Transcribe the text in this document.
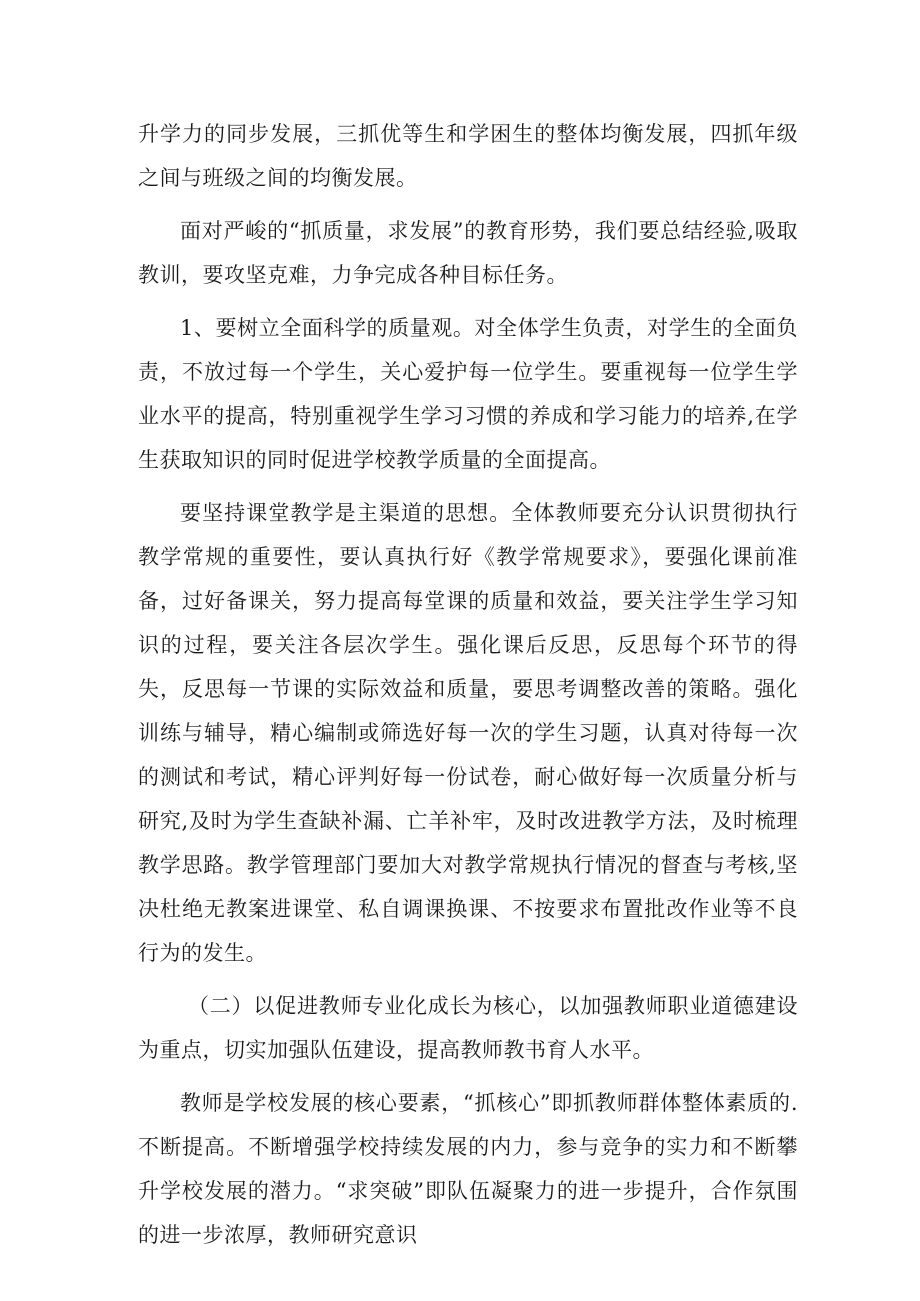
升学力的同步发展，三抓优等生和学困生的整体均衡发展，四抓年级之间与班级之间的均衡发展。

面对严峻的“抓质量，求发展”的教育形势，我们要总结经验,吸取教训，要攻坚克难，力争完成各种目标任务。

1、要树立全面科学的质量观。对全体学生负责，对学生的全面负责，不放过每一个学生，关心爱护每一位学生。要重视每一位学生学业水平的提高，特别重视学生学习习惯的养成和学习能力的培养,在学生获取知识的同时促进学校教学质量的全面提高。

要坚持课堂教学是主渠道的思想。全体教师要充分认识贯彻执行教学常规的重要性，要认真执行好《教学常规要求》，要强化课前准备，过好备课关，努力提高每堂课的质量和效益，要关注学生学习知识的过程，要关注各层次学生。强化课后反思，反思每个环节的得失，反思每一节课的实际效益和质量，要思考调整改善的策略。强化训练与辅导，精心编制或筛选好每一次的学生习题，认真对待每一次的测试和考试，精心评判好每一份试卷，耐心做好每一次质量分析与研究,及时为学生查缺补漏、亡羊补牢，及时改进教学方法，及时梳理教学思路。教学管理部门要加大对教学常规执行情况的督查与考核,坚决杜绝无教案进课堂、私自调课换课、不按要求布置批改作业等不良行为的发生。

（二）以促进教师专业化成长为核心，以加强教师职业道德建设为重点，切实加强队伍建设，提高教师教书育人水平。

教师是学校发展的核心要素，“抓核心”即抓教师群体整体素质的.不断提高。不断增强学校持续发展的内力，参与竞争的实力和不断攀升学校发展的潜力。“求突破”即队伍凝聚力的进一步提升，合作氛围的进一步浓厚，教师研究意识
